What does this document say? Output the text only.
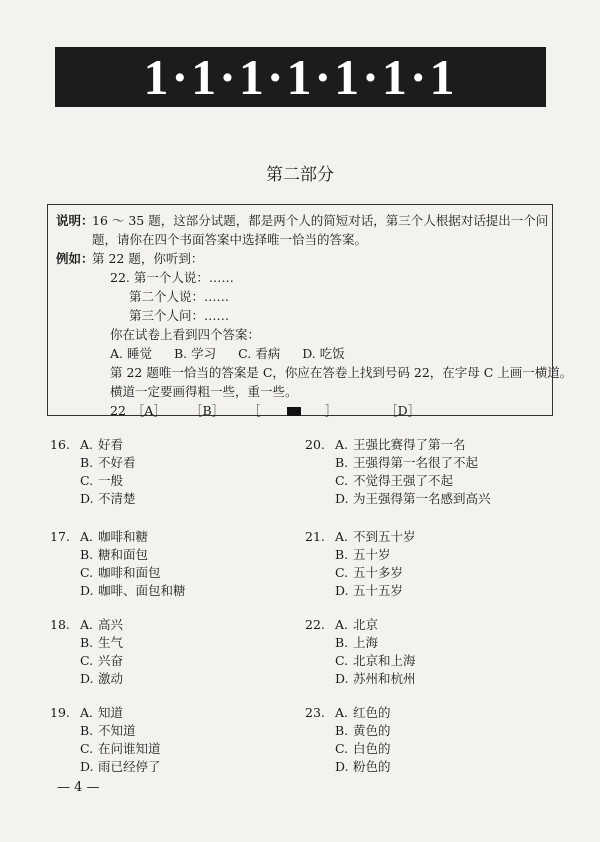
1·1·1·1·1·1·1
第二部分
说明：
16 ～ 35 题，这部分试题，都是两个人的简短对话，第三个人根据对话提出一个问
题，请你在四个书面答案中选择唯一恰当的答案。
例如：
第 22 题，你听到：
22. 第一个人说：……
第二个人说：……
第三个人问：……
你在试卷上看到四个答案：
A. 睡觉 B. 学习 C. 看病 D. 吃饭
第 22 题唯一恰当的答案是 C，你应在答卷上找到号码 22，在字母 C 上画一横道。
横道一定要画得粗一些，重一些。
22 ［A］ ［B］ ［	］	［D］
16. A. 好看
B. 不好看
C. 一般
D. 不清楚
17. A. 咖啡和糖
B. 糖和面包
C. 咖啡和面包
D. 咖啡、面包和糖
18. A. 高兴
B. 生气
C. 兴奋
D. 激动
19. A. 知道
B. 不知道
C. 在问谁知道
D. 雨已经停了
20. A. 王强比赛得了第一名
B. 王强得第一名很了不起
C. 不觉得王强了不起
D. 为王强得第一名感到高兴
21. A. 不到五十岁
B. 五十岁
C. 五十多岁
D. 五十五岁
22. A. 北京
B. 上海
C. 北京和上海
D. 苏州和杭州
23. A. 红色的
B. 黄色的
C. 白色的
D. 粉色的
— 4 —
